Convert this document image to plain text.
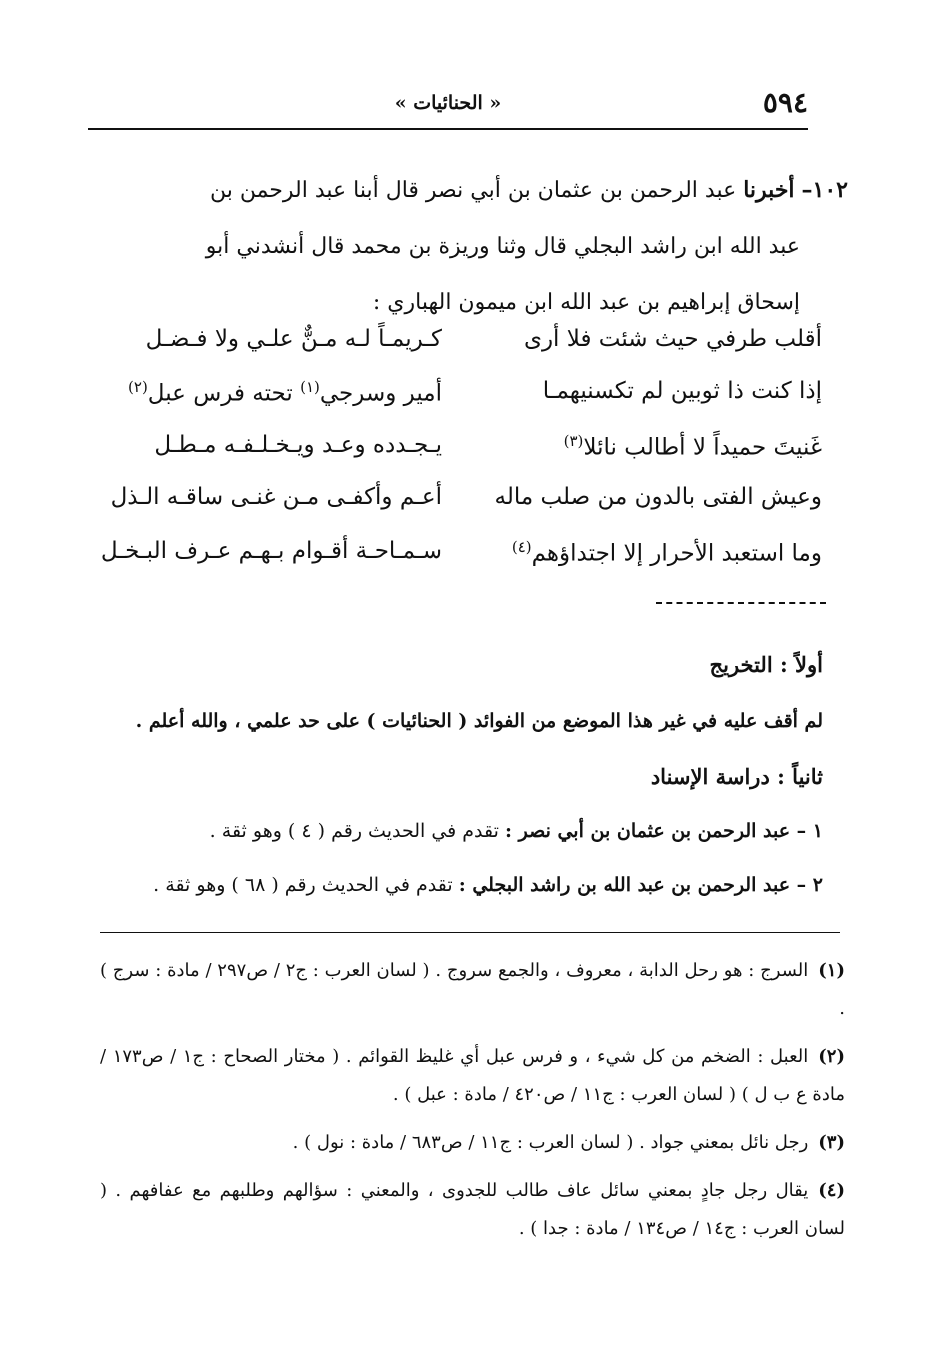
٥٩٤
« الحنائيات »
١٠٢– أخبرنا عبد الرحمن بن عثمان بن أبي نصر قال أبنا عبد الرحمن بن
عبد الله ابن راشد البجلي قال وثنا وريزة بن محمد قال أنشدني أبو
إسحاق إبراهيم بن عبد الله ابن ميمون الهباري :
أقلب طرفي حيث شئت فلا أرى
كـريمـاً لـه مـنٌّ علـي ولا فـضـل
إذا كنت ذا ثوبين لم تكسنيهمـا
أمير وسرجي$^{(١)}$ تحته فرس عبل$^{(٢)}$
غَنيتَ حميداً لا أطالب نائلا$^{(٣)}$
يـجـدده وعـد ويـخـلـفـه مـطـل
وعيش الفتى بالدون من صلب ماله
أعـم وأكفـى مـن غنـى ساقـه الـذل
وما استعبد الأحرار إلا اجتداؤهم$^{(٤)}$
سـمـاحـة أقـوام بـهـم عـرف البـخـل
أولاً : التخريج
لم أقف عليه في غير هذا الموضع من الفوائد ( الحنائيات ) على حد علمي ، والله أعلم .
ثانياً : دراسة الإسناد
١ – عبد الرحمن بن عثمان بن أبي نصر : تقدم في الحديث رقم ( ٤ ) وهو ثقة .
٢ – عبد الرحمن بن عبد الله بن راشد البجلي : تقدم في الحديث رقم ( ٦٨ ) وهو ثقة .
(١)السرج : هو رحل الدابة ، معروف ، والجمع سروج . ( لسان العرب : ج٢ / ص٢٩٧ / مادة : سرج ) .
(٢)العبل : الضخم من كل شيء ، و فرس عبل أي غليظ القوائم . ( مختار الصحاح : ج١ / ص١٧٣ / مادة ع ب ل ) ( لسان العرب : ج١١ / ص٤٢٠ / مادة : عبل ) .
(٣)رجل نائل بمعني جواد . ( لسان العرب : ج١١ / ص٦٨٣ / مادة : نول ) .
(٤)يقال رجل جادٍ بمعني سائل عاف طالب للجدوى ، والمعني : سؤالهم وطلبهم مع عفافهم . ( لسان العرب : ج١٤ / ص١٣٤ / مادة : جدا ) .
